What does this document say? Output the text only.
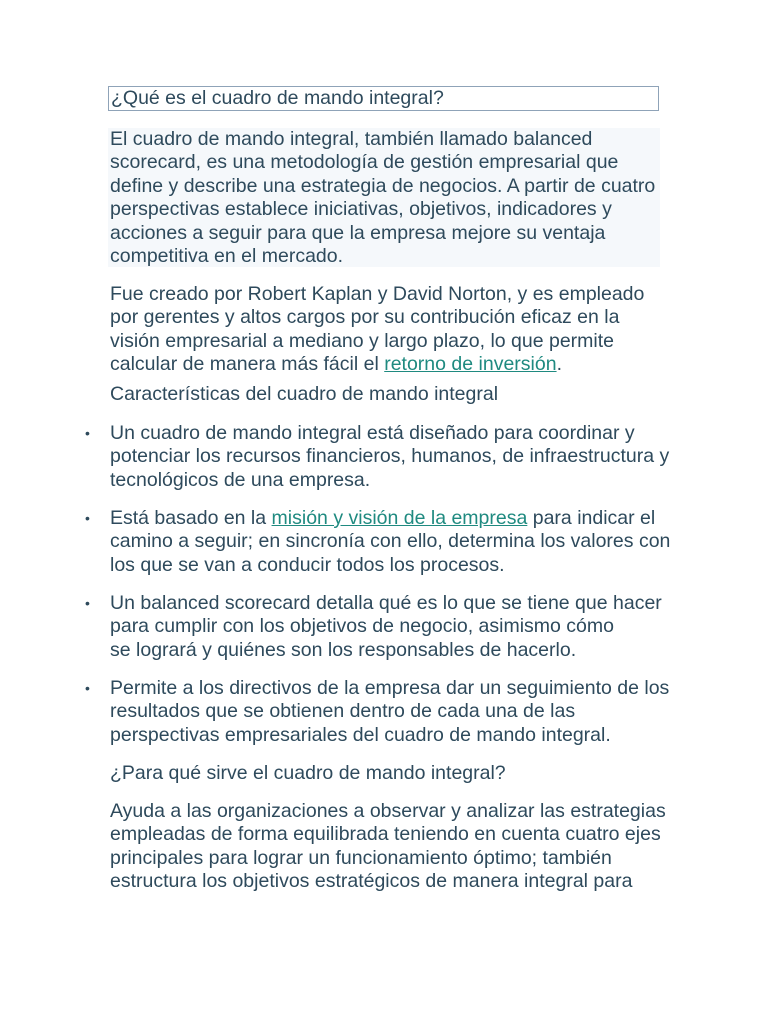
¿Qué es el cuadro de mando integral?
El cuadro de mando integral, también llamado balanced
scorecard, es una metodología de gestión empresarial que
define y describe una estrategia de negocios. A partir de cuatro
perspectivas establece iniciativas, objetivos, indicadores y
acciones a seguir para que la empresa mejore su ventaja
competitiva en el mercado.
Fue creado por Robert Kaplan y David Norton, y es empleado
por gerentes y altos cargos por su contribución eficaz en la
visión empresarial a mediano y largo plazo, lo que permite
calcular de manera más fácil el retorno de inversión.
Características del cuadro de mando integral
• Un cuadro de mando integral está diseñado para coordinar y
potenciar los recursos financieros, humanos, de infraestructura y
tecnológicos de una empresa.
• Está basado en la misión y visión de la empresa para indicar el
camino a seguir; en sincronía con ello, determina los valores con
los que se van a conducir todos los procesos.
• Un balanced scorecard detalla qué es lo que se tiene que hacer
para cumplir con los objetivos de negocio, asimismo cómo
se logrará y quiénes son los responsables de hacerlo.
• Permite a los directivos de la empresa dar un seguimiento de los
resultados que se obtienen dentro de cada una de las
perspectivas empresariales del cuadro de mando integral.
¿Para qué sirve el cuadro de mando integral?
Ayuda a las organizaciones a observar y analizar las estrategias
empleadas de forma equilibrada teniendo en cuenta cuatro ejes
principales para lograr un funcionamiento óptimo; también
estructura los objetivos estratégicos de manera integral para
